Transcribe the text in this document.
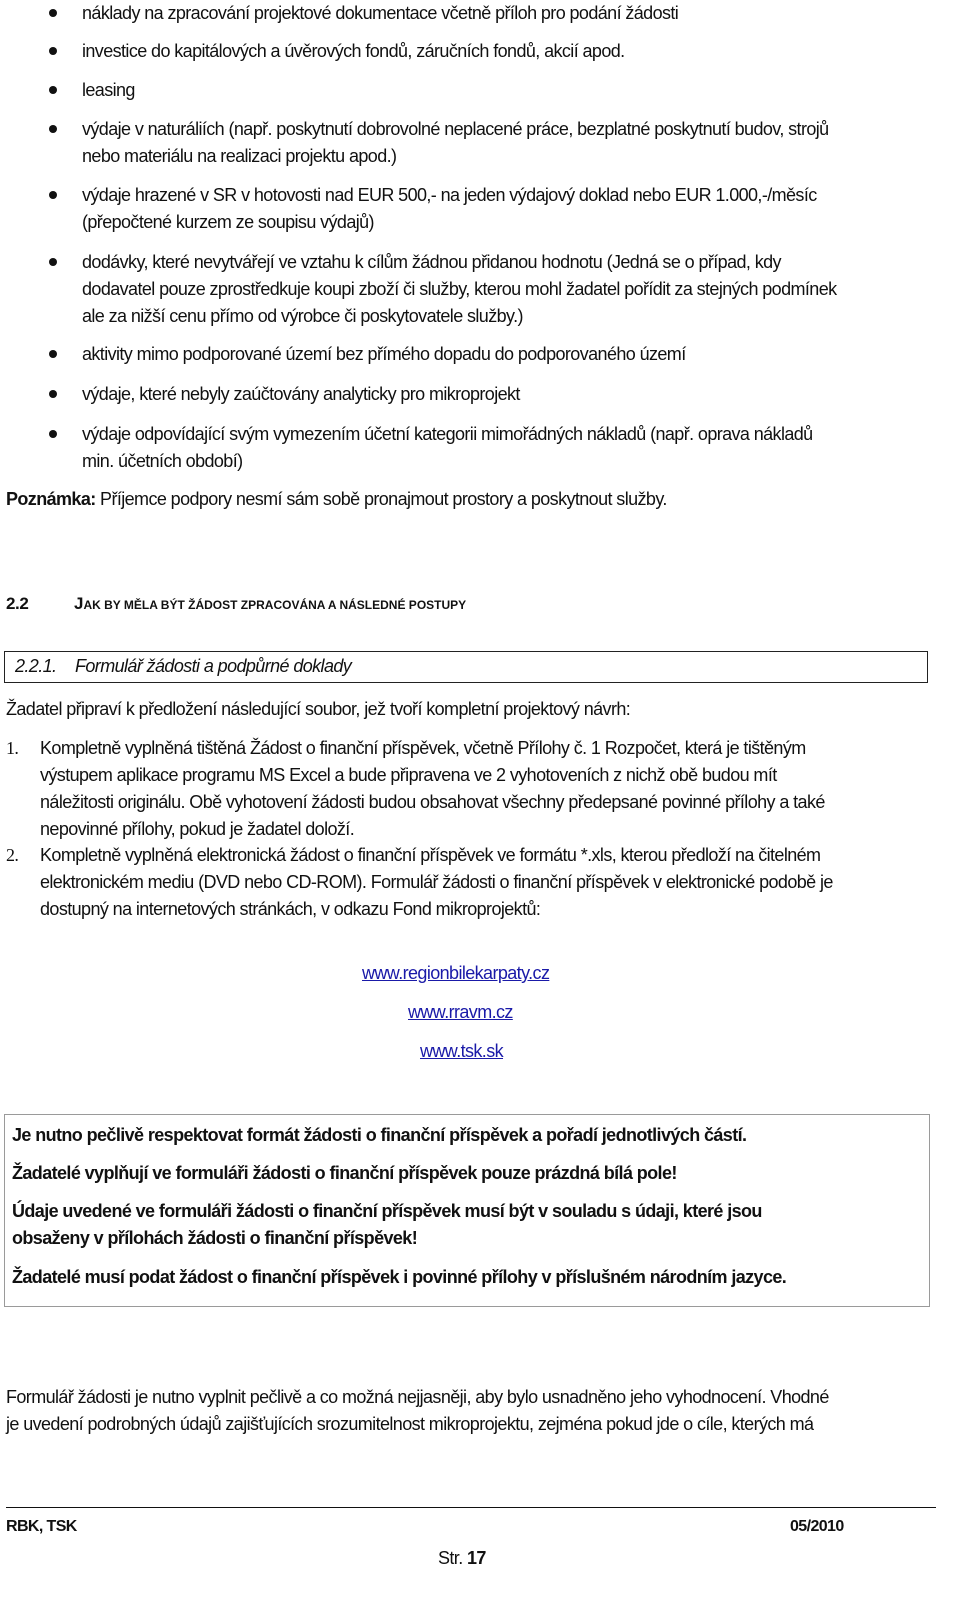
náklady na zpracování projektové dokumentace včetně příloh pro podání žádosti
investice do kapitálových a úvěrových fondů, záručních fondů, akcií apod.
leasing
výdaje v naturáliích (např. poskytnutí dobrovolné neplacené práce, bezplatné poskytnutí budov, strojů
nebo materiálu na realizaci projektu apod.)
výdaje hrazené v SR v hotovosti nad EUR 500,- na jeden výdajový doklad nebo EUR 1.000,-/měsíc
(přepočtené kurzem ze soupisu výdajů)
dodávky, které nevytvářejí ve vztahu k cílům žádnou přidanou hodnotu (Jedná se o případ, kdy
dodavatel pouze zprostředkuje koupi zboží či služby, kterou mohl žadatel pořídit za stejných podmínek
ale za nižší cenu přímo od výrobce či poskytovatele služby.)
aktivity mimo podporované území bez přímého dopadu do podporovaného území
výdaje, které nebyly zaúčtovány analyticky pro mikroprojekt
výdaje odpovídající svým vymezením účetní kategorii mimořádných nákladů (např. oprava nákladů
min. účetních období)
Poznámka: Příjemce podpory nesmí sám sobě pronajmout prostory a poskytnout služby.
2.2	JAK BY MĚLA BÝT ŽÁDOST ZPRACOVÁNA A NÁSLEDNÉ POSTUPY
2.2.1. Formulář žádosti a podpůrné doklady
Žadatel připraví k předložení následující soubor, jež tvoří kompletní projektový návrh:
1. Kompletně vyplněná tištěná Žádost o finanční příspěvek, včetně Přílohy č. 1 Rozpočet, která je tištěným
výstupem aplikace programu MS Excel a bude připravena ve 2 vyhotoveních z nichž obě budou mít
náležitosti originálu. Obě vyhotovení žádosti budou obsahovat všechny předepsané povinné přílohy a také
nepovinné přílohy, pokud je žadatel doloží.
2. Kompletně vyplněná elektronická žádost o finanční příspěvek ve formátu *.xls, kterou předloží na čitelném
elektronickém mediu (DVD nebo CD-ROM). Formulář žádosti o finanční příspěvek v elektronické podobě je
dostupný na internetových stránkách, v odkazu Fond mikroprojektů:
www.regionbilekarpaty.cz
www.rravm.cz
www.tsk.sk
Je nutno pečlivě respektovat formát žádosti o finanční příspěvek a pořadí jednotlivých částí.
Žadatelé vyplňují ve formuláři žádosti o finanční příspěvek pouze prázdná bílá pole!
Údaje uvedené ve formuláři žádosti o finanční příspěvek musí být v souladu s údaji, které jsou
obsaženy v přílohách žádosti o finanční příspěvek!
Žadatelé musí podat žádost o finanční příspěvek i povinné přílohy v příslušném národním jazyce.
Formulář žádosti je nutno vyplnit pečlivě a co možná nejjasněji, aby bylo usnadněno jeho vyhodnocení. Vhodné
je uvedení podrobných údajů zajišťujících srozumitelnost mikroprojektu, zejména pokud jde o cíle, kterých má
RBK, TSK	05/2010
Str. 17
